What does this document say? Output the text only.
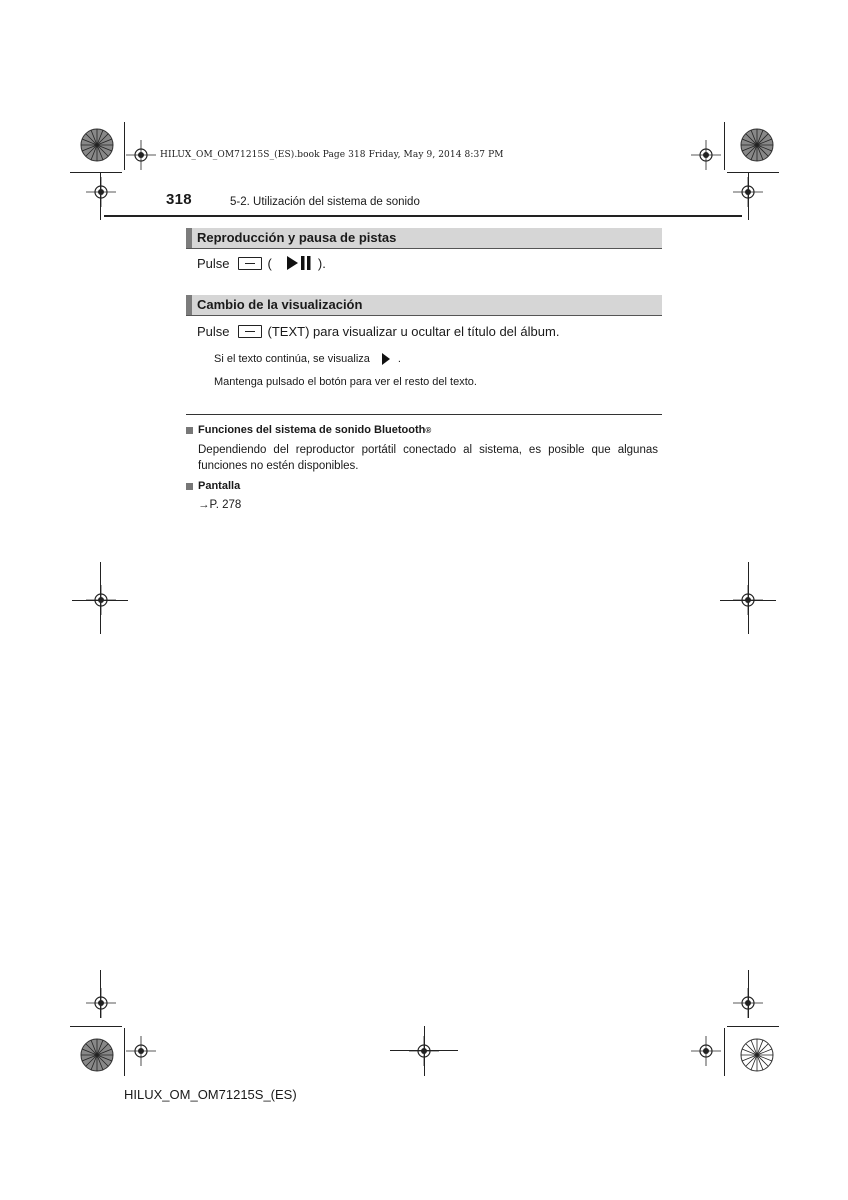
HILUX_OM_OM71215S_(ES).book Page 318 Friday, May 9, 2014 8:37 PM
318	5-2. Utilización del sistema de sonido
Reproducción y pausa de pistas
Pulse	(	).
Cambio de la visualización
Pulse	(TEXT) para visualizar u ocultar el título del álbum.
Si el texto continúa, se visualiza	.
Mantenga pulsado el botón para ver el resto del texto.
Funciones del sistema de sonido Bluetooth ®
Dependiendo del reproductor portátil conectado al sistema, es posible que algunas funciones no estén disponibles.
Pantalla
→P. 278
HILUX_OM_OM71215S_(ES)
